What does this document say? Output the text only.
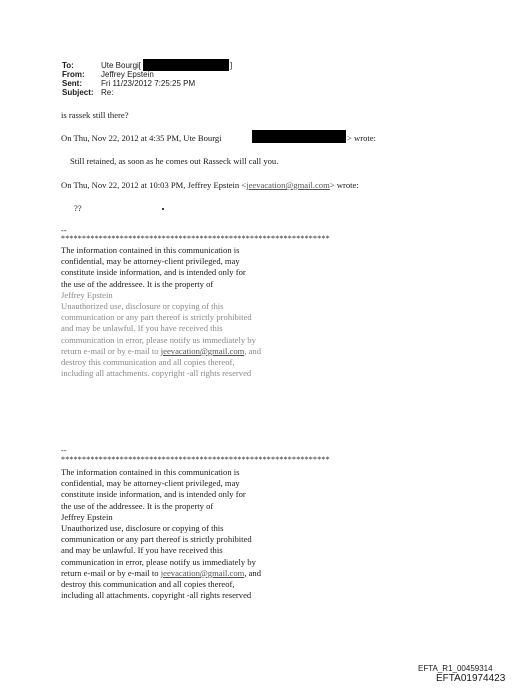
To:	Ute Bourgi[	]
From: Jeffrey Epstein
Sent: Fri 11/23/2012 7:25:25 PM
Subject: Re:
is rassek still there?
On Thu, Nov 22, 2012 at 4:35 PM, Ute Bourgi	> wrote:
Still retained, as soon as he comes out Rasseck will call you.
On Thu, Nov 22, 2012 at 10:03 PM, Jeffrey Epstein <jeevacation@gmail.com> wrote:
??
--
****************************************************************
The information contained in this communication is
confidential, may be attorney-client privileged, may
constitute inside information, and is intended only for
the use of the addressee. It is the property of
Jeffrey Epstein
Unauthorized use, disclosure or copying of this
communication or any part thereof is strictly prohibited
and may be unlawful. If you have received this
communication in error, please notify us immediately by
return e-mail or by e-mail to jeevacation@gmail.com, and
destroy this communication and all copies thereof,
including all attachments. copyright -all rights reserved
--
****************************************************************
The information contained in this communication is
confidential, may be attorney-client privileged, may
constitute inside information, and is intended only for
the use of the addressee. It is the property of
Jeffrey Epstein
Unauthorized use, disclosure or copying of this
communication or any part thereof is strictly prohibited
and may be unlawful. If you have received this
communication in error, please notify us immediately by
return e-mail or by e-mail to jeevacation@gmail.com, and
destroy this communication and all copies thereof,
including all attachments. copyright -all rights reserved
EFTA_R1_00459314
EFTA01974423
